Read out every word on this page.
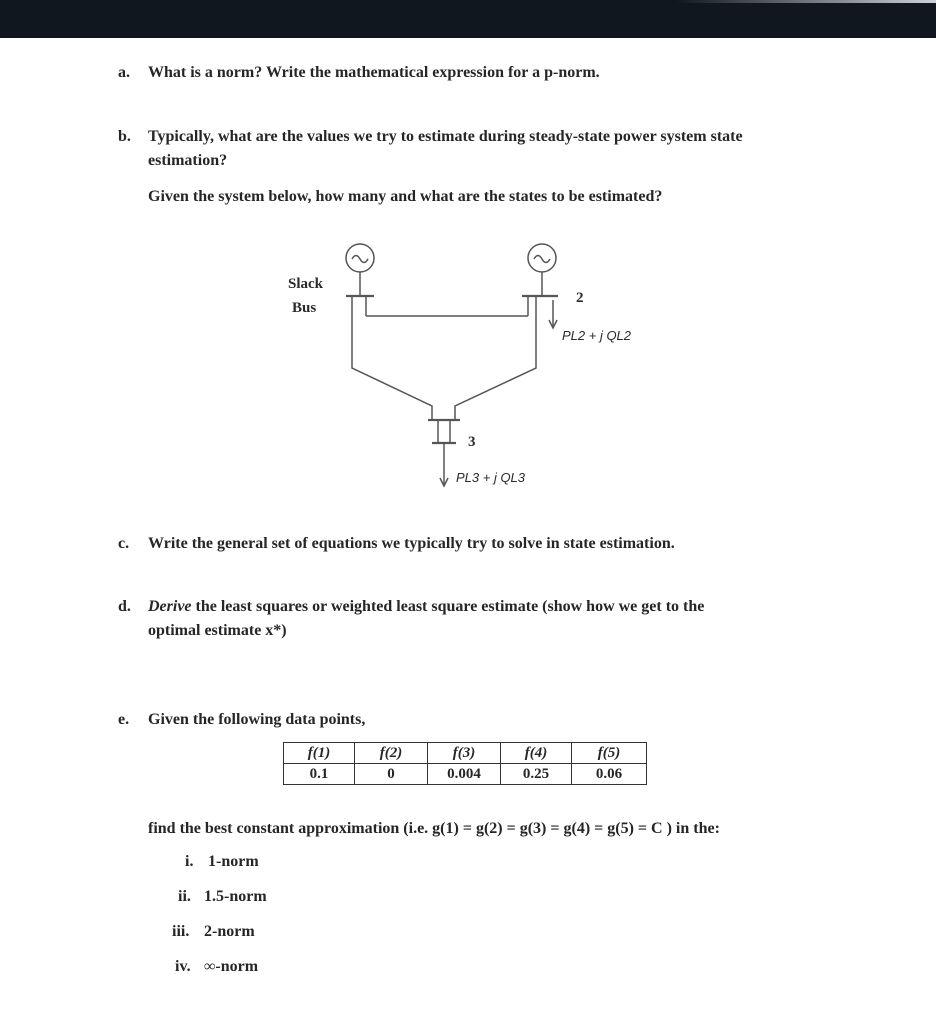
a. What is a norm? Write the mathematical expression for a p-norm.
b. Typically, what are the values we try to estimate during steady-state power system state
estimation?
Given the system below, how many and what are the states to be estimated?
Slack
Bus
2
3
PL2 + j QL2
PL3 + j QL3
c. Write the general set of equations we typically try to solve in state estimation.
d. Derive the least squares or weighted least square estimate (show how we get to the
optimal estimate x*)
e. Given the following data points,
f(1)	f(2)	f(3)	f(4)	f(5)
0.1	0	0.004	0.25	0.06
find the best constant approximation (i.e. g(1) = g(2) = g(3) = g(4) = g(5) = C ) in the:
i. 1-norm
ii. 1.5-norm
iii. 2-norm
iv. ∞-norm
